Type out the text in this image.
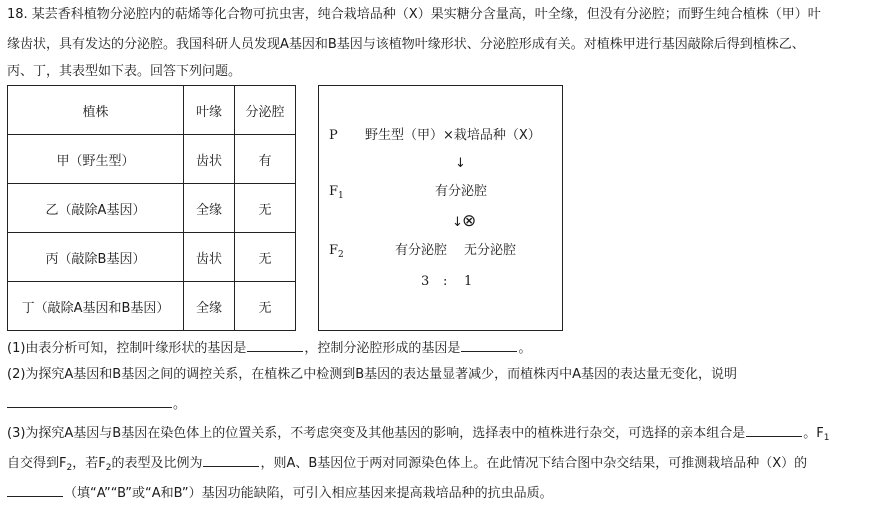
18. 某芸香科植物分泌腔内的萜烯等化合物可抗虫害，纯合栽培品种（X）果实糖分含量高，叶全缘，但没有分泌腔；而野生纯合植株（甲）叶
缘齿状，具有发达的分泌腔。我国科研人员发现A基因和B基因与该植物叶缘形状、分泌腔形成有关。对植株甲进行基因敲除后得到植株乙、
丙、丁，其表型如下表。回答下列问题。
植株	叶缘	分泌腔
甲（野生型）	齿状	有
乙（敲除A基因）	全缘	无
丙（敲除B基因）	齿状	无
丁（敲除A基因和B基因）	全缘	无
P 野生型（甲）×栽培品种（X）
↓
$F_1$	有分泌腔
↓ ⊗
$F_2$	有分泌腔 无分泌腔
3 : 1
(1)由表分析可知，控制叶缘形状的基因是	，控制分泌腔形成的基因是	。
(2)为探究A基因和B基因之间的调控关系，在植株乙中检测到B基因的表达量显著减少，而植株丙中A基因的表达量无变化，说明
。
(3)为探究A基因与B基因在染色体上的位置关系，不考虑突变及其他基因的影响，选择表中的植株进行杂交，可选择的亲本组合是	。$F_1$
自交得到$F_2$，若$F_2$的表型及比例为	，则A、B基因位于两对同源染色体上。在此情况下结合图中杂交结果，可推测栽培品种（X）的
（填“A”“B”或“A和B”）基因功能缺陷，可引入相应基因来提高栽培品种的抗虫品质。
